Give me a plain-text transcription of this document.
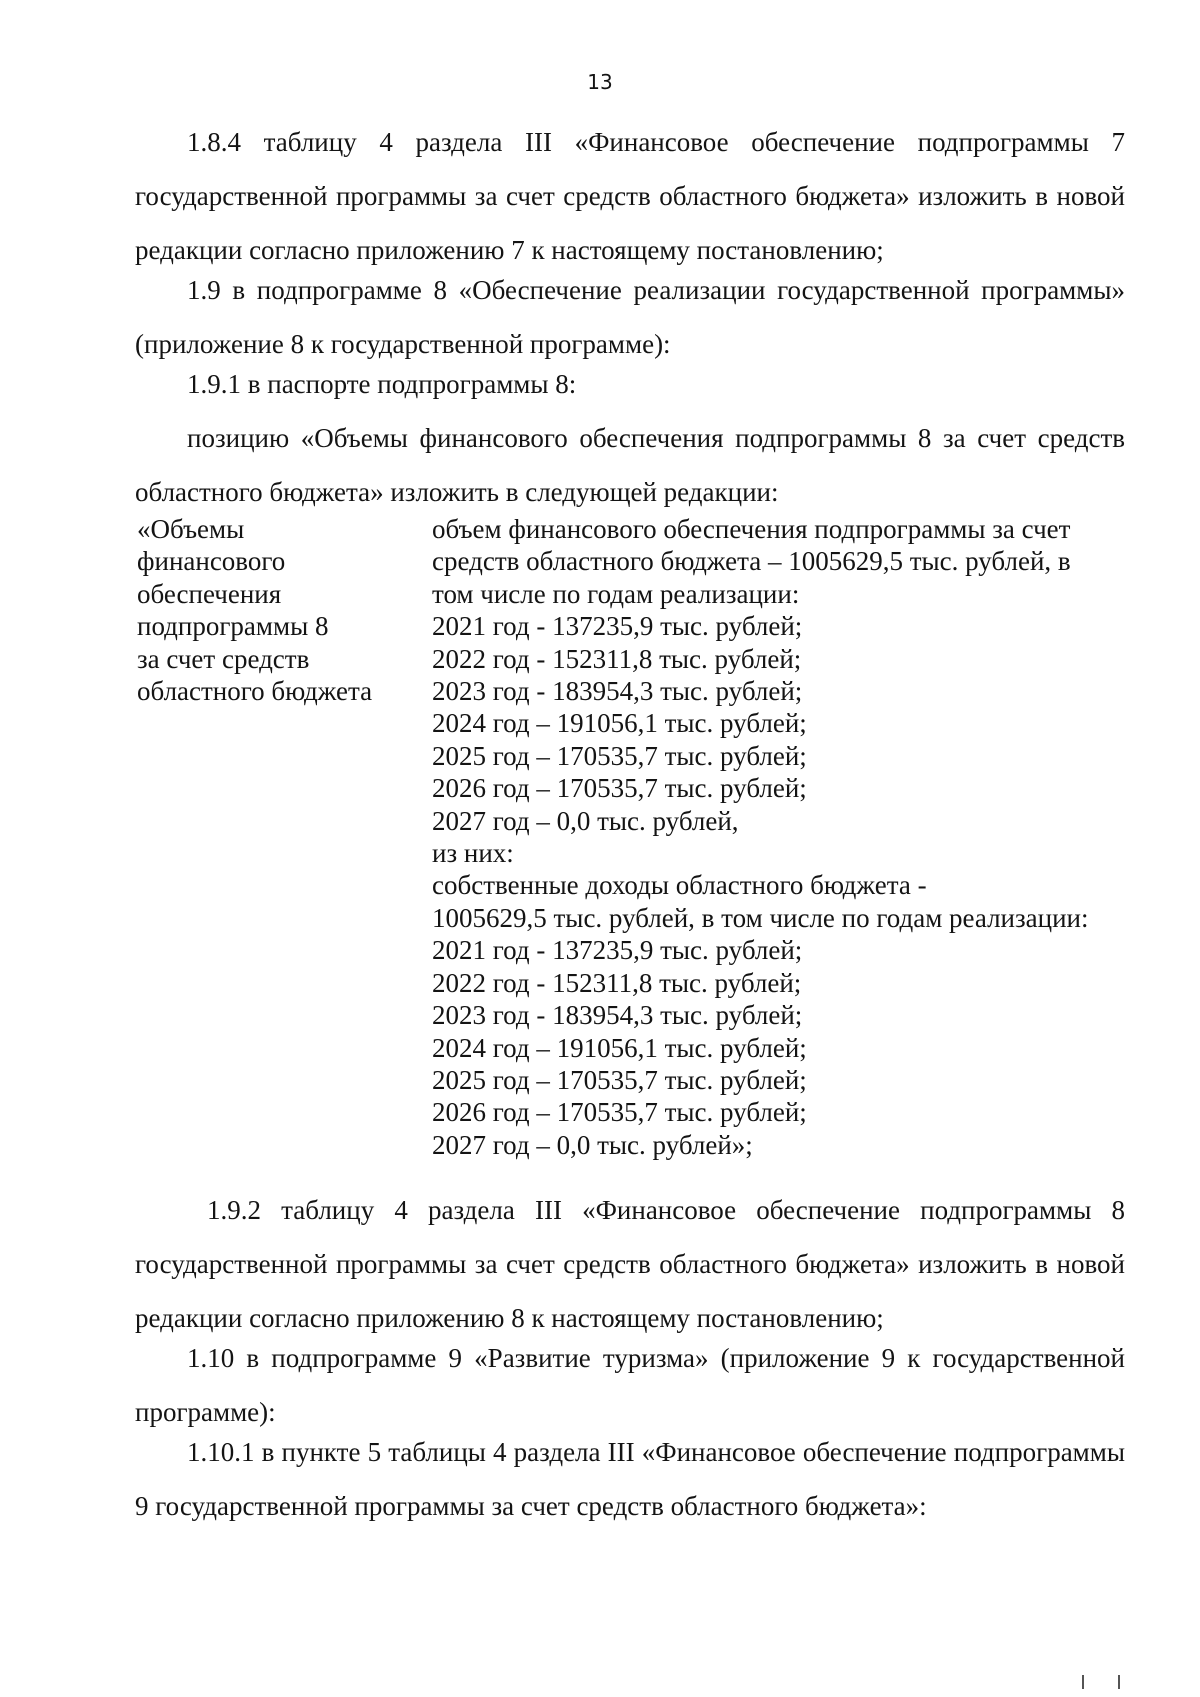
13

1.8.4 таблицу 4 раздела III «Финансовое обеспечение подпрограммы 7 государственной программы за счет средств областного бюджета» изложить в новой редакции согласно приложению 7 к настоящему постановлению;

1.9 в подпрограмме 8 «Обеспечение реализации государственной программы» (приложение 8 к государственной программе):

1.9.1 в паспорте подпрограммы 8:

позицию «Объемы финансового обеспечения подпрограммы 8 за счет средств областного бюджета» изложить в следующей редакции:

«Объемы
финансового
обеспечения
подпрограммы 8
за счет средств
областного бюджета
объем финансового обеспечения подпрограммы за счет
средств областного бюджета – 1005629,5 тыс. рублей, в
том числе по годам реализации:
2021 год - 137235,9 тыс. рублей;
2022 год - 152311,8 тыс. рублей;
2023 год - 183954,3 тыс. рублей;
2024 год – 191056,1 тыс. рублей;
2025 год – 170535,7 тыс. рублей;
2026 год – 170535,7 тыс. рублей;
2027 год – 0,0 тыс. рублей,
из них:
собственные доходы областного бюджета -
1005629,5 тыс. рублей, в том числе по годам реализации:
2021 год - 137235,9 тыс. рублей;
2022 год - 152311,8 тыс. рублей;
2023 год - 183954,3 тыс. рублей;
2024 год – 191056,1 тыс. рублей;
2025 год – 170535,7 тыс. рублей;
2026 год – 170535,7 тыс. рублей;
2027 год – 0,0 тыс. рублей»;

1.9.2 таблицу 4 раздела III «Финансовое обеспечение подпрограммы 8 государственной программы за счет средств областного бюджета» изложить в новой редакции согласно приложению 8 к настоящему постановлению;

1.10 в подпрограмме 9 «Развитие туризма» (приложение 9 к государственной программе):

1.10.1 в пункте 5 таблицы 4 раздела III «Финансовое обеспечение подпрограммы 9 государственной программы за счет средств областного бюджета»:
